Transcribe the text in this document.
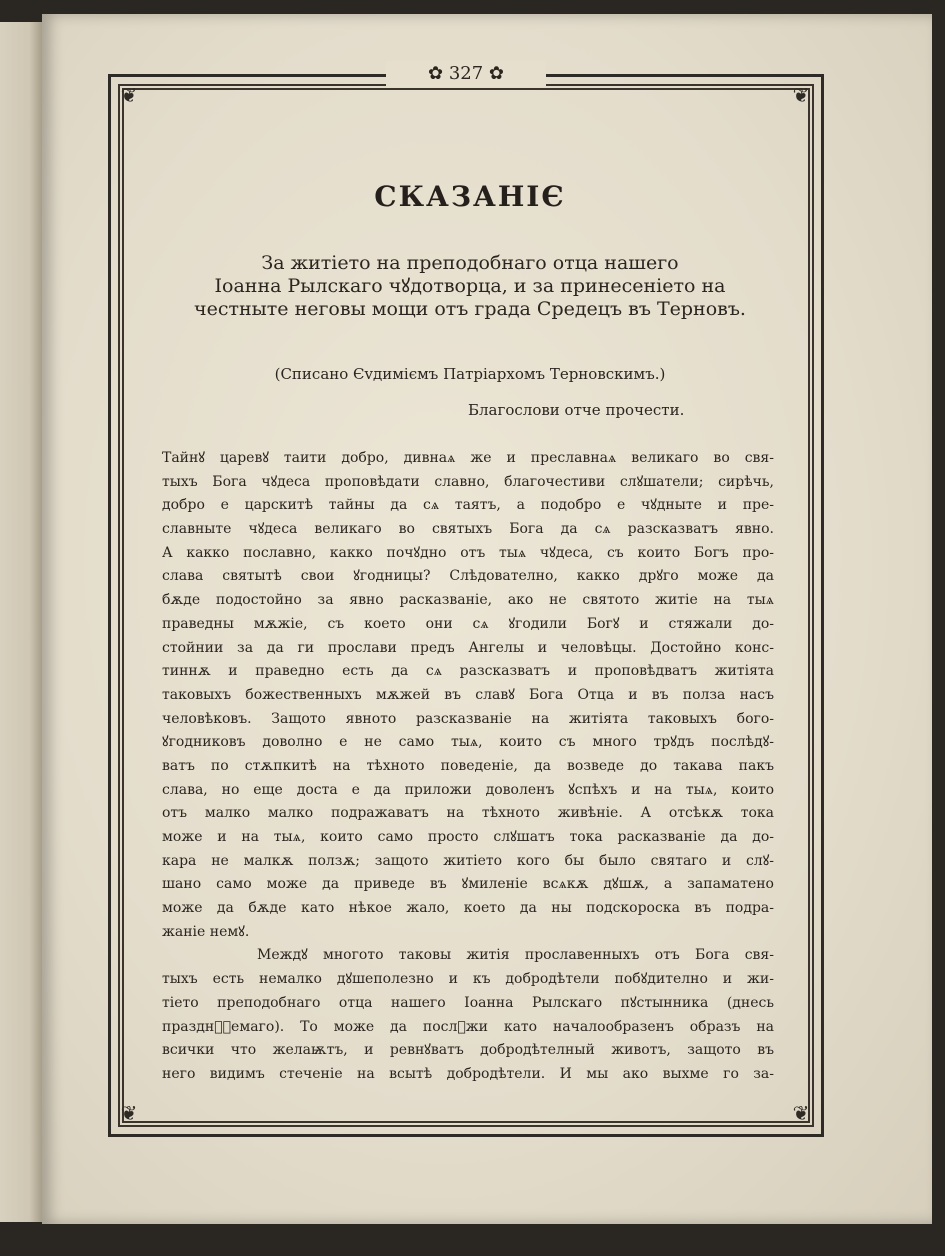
❦	❦
❦	❦
✿ 327 ✿
СКАЗАНІЄ
За житіето на преподобнаго отца нашего
Іоанна Рылскаго чꙋдотворца, и за принесеніето на
честныте неговы мощи отъ града Средецъ въ Терновъ.
(Списано Єvдиміємъ Патріархомъ Терновскимъ.)
Благослови отче прочести.
Тайнꙋ царевꙋ таити добро, дивнаѧ же и преславнаѧ великаго во свя-
тыхъ Бога чꙋдеса проповѣдати славно, благочестиви слꙋшатели; сирѣчь,
добро е царскитѣ тайны да сѧ таятъ, а подобро е чꙋдныте и пре-
славныте чꙋдеса великаго во святыхъ Бога да сѧ разсказватъ явно.
А какко пославно, какко почꙋдно отъ тыѧ чꙋдеса, съ които Богъ про-
слава святытѣ свои ꙋгодницы? Слѣдователно, какко дрꙋго може да
бѫде подостойно за явно расказваніе, ако не святото житіе на тыѧ
праведны мѫжіе, съ което они сѧ ꙋгодили Богꙋ и стяжали до-
стойнии за да ги прослави предъ Ангелы и человѣцы. Достойно конс-
тиннѫ и праведно есть да сѧ разсказватъ и проповѣдватъ житіята
таковыхъ божественныхъ мѫжей въ славꙋ Бога Отца и въ полза насъ
человѣковъ. Защото явното разсказваніе на житіята таковыхъ бого-
ꙋгодниковъ доволно е не само тыѧ, които съ много трꙋдъ послѣдꙋ-
ватъ по стѫпкитѣ на тѣхното поведеніе, да возведе до такава пакъ
слава, но еще доста е да приложи доволенъ ꙋспѣхъ и на тыѧ, които
отъ малко малко подражаватъ на тѣхното живѣніе. А отсѣкѫ тока
може и на тыѧ, които само просто слꙋшатъ тока расказваніе да до-
кара не малкѫ ползѫ; защото житіето кого бы было святаго и слꙋ-
шано само може да приведе въ ꙋмиленіе всѧкѫ дꙋшѫ, а запаматено
може да бѫде като нѣкое жало, което да ны подскороска въ подра-
жаніе немꙋ.
Междꙋ многото таковы житія прославенныхъ отъ Бога свя-
тыхъ есть немалко дꙋшеполезно и къ добродѣтели побꙋдително и жи-
тіето преподобнаго отца нашего Іоанна Рылскаго пꙋстынника (днесь
праздн꙯ꙋемаго). То може да послꙋжи като началообразенъ образъ на
всички что желаѭтъ, и ревнꙋватъ добродѣтелный животъ, защото въ
него видимъ стеченіе на всытѣ добродѣтели. И мы ако выхме го за-
